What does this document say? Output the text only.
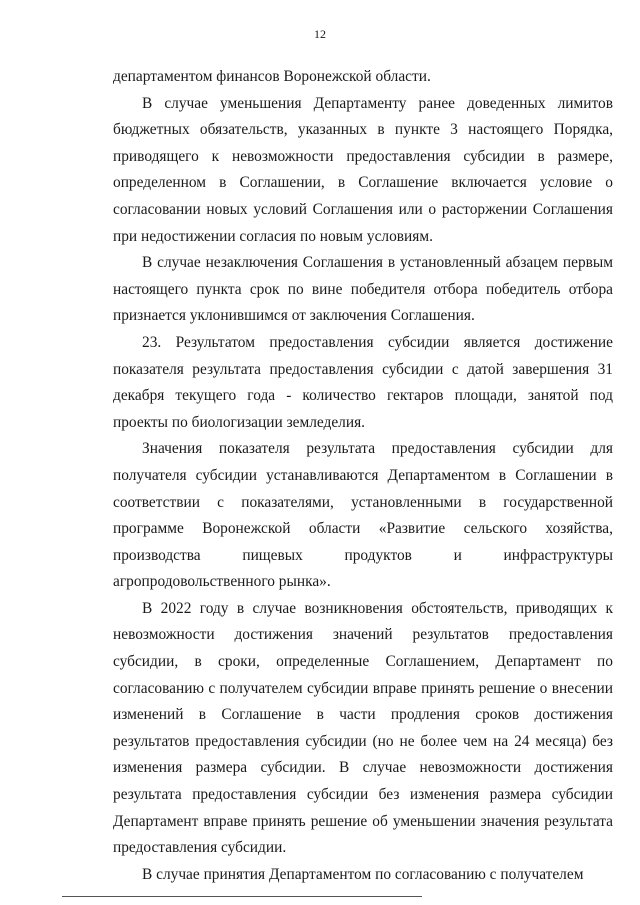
12

департаментом финансов Воронежской области.

В случае уменьшения Департаменту ранее доведенных лимитов бюджетных обязательств, указанных в пункте 3 настоящего Порядка, приводящего к невозможности предоставления субсидии в размере, определенном в Соглашении, в Соглашение включается условие о согласовании новых условий Соглашения или о расторжении Соглашения при недостижении согласия по новым условиям.

В случае незаключения Соглашения в установленный абзацем первым настоящего пункта срок по вине победителя отбора победитель отбора признается уклонившимся от заключения Соглашения.

23. Результатом предоставления субсидии является достижение показателя результата предоставления субсидии с датой завершения 31 декабря текущего года - количество гектаров площади, занятой под проекты по биологизации земледелия.

Значения показателя результата предоставления субсидии для получателя субсидии устанавливаются Департаментом в Соглашении в соответствии с показателями, установленными в государственной программе Воронежской области «Развитие сельского хозяйства, производства пищевых продуктов и инфраструктуры агропродовольственного рынка».

В 2022 году в случае возникновения обстоятельств, приводящих к невозможности достижения значений результатов предоставления субсидии, в сроки, определенные Соглашением, Департамент по согласованию с получателем субсидии вправе принять решение о внесении изменений в Соглашение в части продления сроков достижения результатов предоставления субсидии (но не более чем на 24 месяца) без изменения размера субсидии. В случае невозможности достижения результата предоставления субсидии без изменения размера субсидии Департамент вправе принять решение об уменьшении значения результата предоставления субсидии.

В случае принятия Департаментом по согласованию с получателем
